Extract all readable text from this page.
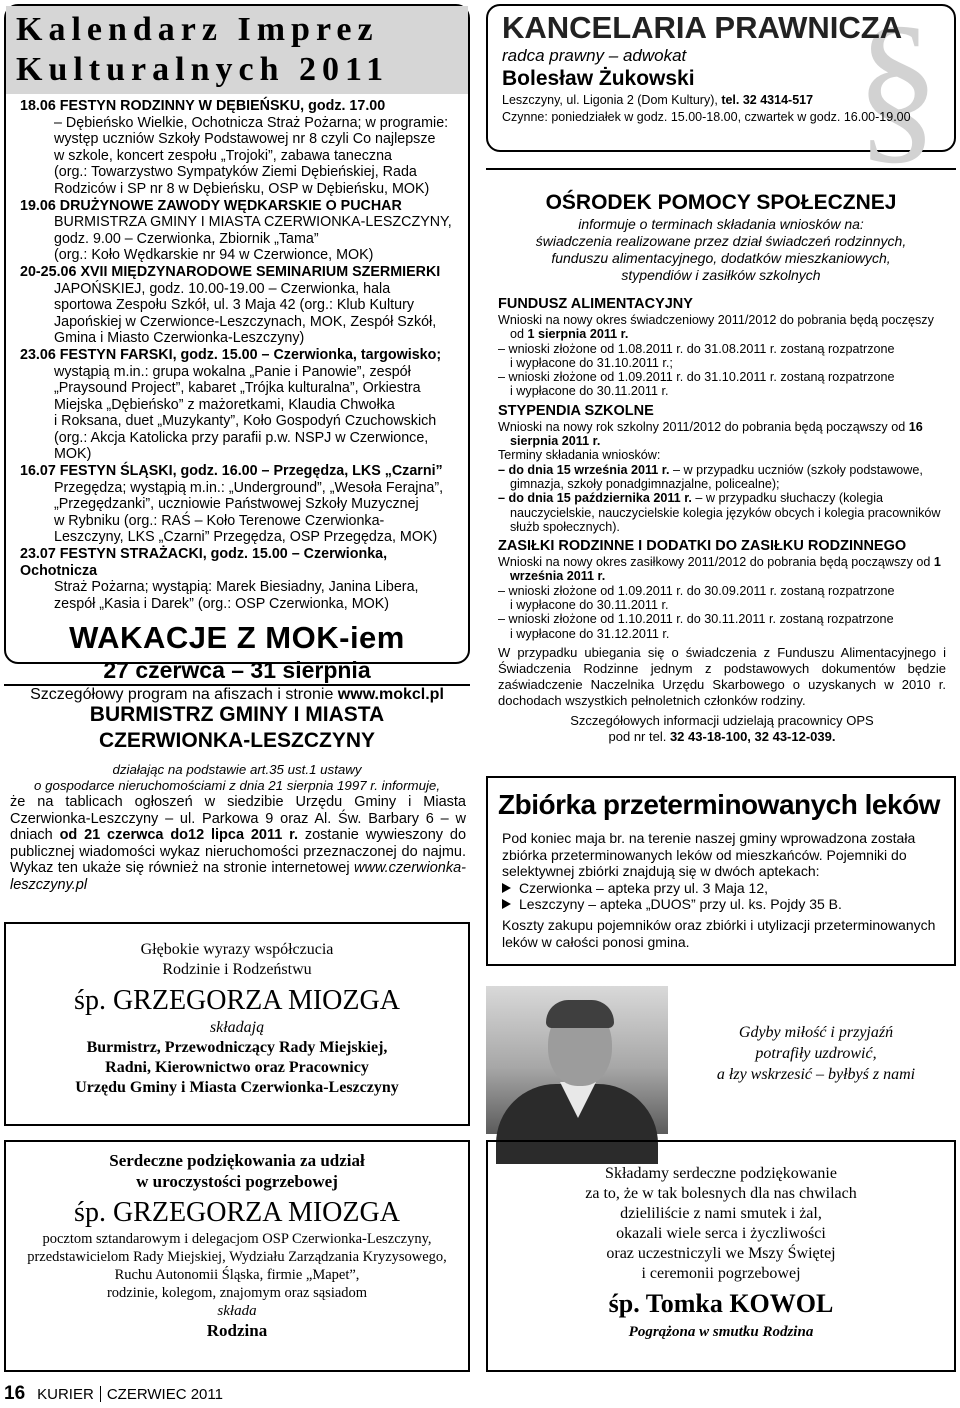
Kalendarz Imprez
Kulturalnych 2011
18.06 FESTYN RODZINNY W DĘBIEŃSKU, godz. 17.00
– Dębieńsko Wielkie, Ochotnicza Straż Pożarna; w programie:
występ uczniów Szkoły Podstawowej nr 8 czyli Co najlepsze
w szkole, koncert zespołu „Trojoki”, zabawa taneczna
(org.: Towarzystwo Sympatyków Ziemi Dębieńskiej, Rada
Rodziców i SP nr 8 w Dębieńsku, OSP w Dębieńsku, MOK)
19.06 DRUŻYNOWE ZAWODY WĘDKARSKIE O PUCHAR
BURMISTRZA GMINY I MIASTA CZERWIONKA-LESZCZYNY,
godz. 9.00 – Czerwionka, Zbiornik „Tama”
(org.: Koło Wędkarskie nr 94 w Czerwionce, MOK)
20-25.06 XVII MIĘDZYNARODOWE SEMINARIUM SZERMIERKI
JAPOŃSKIEJ, godz. 10.00-19.00 – Czerwionka, hala
sportowa Zespołu Szkół, ul. 3 Maja 42 (org.: Klub Kultury
Japońskiej w Czerwionce-Leszczynach, MOK, Zespół Szkół,
Gmina i Miasto Czerwionka-Leszczyny)
23.06 FESTYN FARSKI, godz. 15.00 – Czerwionka, targowisko;
wystąpią m.in.: grupa wokalna „Panie i Panowie”, zespół
„Praysound Project”, kabaret „Trójka kulturalna”, Orkiestra
Miejska „Dębieńsko” z mażoretkami, Klaudia Chwołka
i Roksana, duet „Muzykanty”, Koło Gospodyń Czuchowskich
(org.: Akcja Katolicka przy parafii p.w. NSPJ w Czerwionce, MOK)
16.07 FESTYN ŚLĄSKI, godz. 16.00 – Przegędza, LKS „Czarni”
Przegędza; wystąpią m.in.: „Underground”, „Wesoła Ferajna”,
„Przegędzanki”, uczniowie Państwowej Szkoły Muzycznej
w Rybniku (org.: RAŚ – Koło Terenowe Czerwionka-
Leszczyny, LKS „Czarni” Przegędza, OSP Przegędza, MOK)
23.07 FESTYN STRAŻACKI, godz. 15.00 – Czerwionka, Ochotnicza
Straż Pożarna; wystąpią: Marek Biesiadny, Janina Libera,
zespół „Kasia i Darek” (org.: OSP Czerwionka, MOK)
WAKACJE Z MOK-iem
27 czerwca – 31 sierpnia
Szczegółowy program na afiszach i stronie www.mokcl.pl
BURMISTRZ GMINY I MIASTA
CZERWIONKA-LESZCZYNY
działając na podstawie art.35 ust.1 ustawy
o gospodarce nieruchomościami z dnia 21 sierpnia 1997 r. informuje,
że na tablicach ogłoszeń w siedzibie Urzędu Gminy i Miasta Czerwionka-Leszczyny – ul. Parkowa 9 oraz Al. Św. Barbary 6 – w dniach od 21 czerwca do12 lipca 2011 r. zostanie wywieszony do publicznej wiadomości wykaz nieruchomości przeznaczonej do najmu. Wykaz ten ukaże się również na stronie internetowej www.czerwionka-leszczyny.pl
Głębokie wyrazy współczucia
Rodzinie i Rodzeństwu
śp. GRZEGORZA MIOZGA
składają
Burmistrz, Przewodniczący Rady Miejskiej,
Radni, Kierownictwo oraz Pracownicy
Urzędu Gminy i Miasta Czerwionka-Leszczyny
Serdeczne podziękowania za udział
w uroczystości pogrzebowej
śp. GRZEGORZA MIOZGA
pocztom sztandarowym i delegacjom OSP Czerwionka-Leszczyny,
przedstawicielom Rady Miejskiej, Wydziału Zarządzania Kryzysowego,
Ruchu Autonomii Śląska, firmie „Mapet”,
rodzinie, kolegom, znajomym oraz sąsiadom
składa
Rodzina
16 KURIER CZERWIEC 2011
§
KANCELARIA PRAWNICZA
radca prawny – adwokat
Bolesław Żukowski
Leszczyny, ul. Ligonia 2 (Dom Kultury), tel. 32 4314-517
Czynne: poniedziałek w godz. 15.00-18.00, czwartek w godz. 16.00-19.00
OŚRODEK POMOCY SPOŁECZNEJ
informuje o terminach składania wniosków na:
świadczenia realizowane przez dział świadczeń rodzinnych,
funduszu alimentacyjnego, dodatków mieszkaniowych,
stypendiów i zasiłków szkolnych
FUNDUSZ ALIMENTACYJNY
Wnioski na nowy okres świadczeniowy 2011/2012 do pobrania będą poczęszy od 1 sierpnia 2011 r.
– wnioski złożone od 1.08.2011 r. do 31.08.2011 r. zostaną rozpatrzone
i wypłacone do 31.10.2011 r.;
– wnioski złożone od 1.09.2011 r. do 31.10.2011 r. zostaną rozpatrzone
i wypłacone do 30.11.2011 r.
STYPENDIA SZKOLNE
Wnioski na nowy rok szkolny 2011/2012 do pobrania będą począwszy od 16 sierpnia 2011 r.
Terminy składania wniosków:
– do dnia 15 września 2011 r. – w przypadku uczniów (szkoły podstawowe, gimnazja, szkoły ponadgimnazjalne, policealne);
– do dnia 15 października 2011 r. – w przypadku słuchaczy (kolegia nauczycielskie, nauczycielskie kolegia języków obcych i kolegia pracowników służb społecznych).
ZASIŁKI RODZINNE I DODATKI DO ZASIŁKU RODZINNEGO
Wnioski na nowy okres zasiłkowy 2011/2012 do pobrania będą począwszy od 1 września 2011 r.
– wnioski złożone od 1.09.2011 r. do 30.09.2011 r. zostaną rozpatrzone
i wypłacone do 30.11.2011 r.
– wnioski złożone od 1.10.2011 r. do 30.11.2011 r. zostaną rozpatrzone
i wypłacone do 31.12.2011 r.
W przypadku ubiegania się o świadczenia z Funduszu Alimentacyjnego i Świadczenia Rodzinne jednym z podstawowych dokumentów będzie zaświadczenie Naczelnika Urzędu Skarbowego o uzyskanych w 2010 r. dochodach wszystkich pełnoletnich członków rodziny.
Szczegółowych informacji udzielają pracownicy OPS
pod nr tel. 32 43-18-100, 32 43-12-039.
Zbiórka przeterminowanych leków
Pod koniec maja br. na terenie naszej gminy wprowadzona została zbiórka przeterminowanych leków od mieszkańców. Pojemniki do selektywnej zbiórki znajdują się w dwóch aptekach:
Czerwionka – apteka przy ul. 3 Maja 12,
Leszczyny – apteka „DUOS” przy ul. ks. Pojdy 35 B.
Koszty zakupu pojemników oraz zbiórki i utylizacji przeterminowanych leków w całości ponosi gmina.
Gdyby miłość i przyjaźń
potrafiły uzdrowić,
a łzy wskrzesić – byłbyś z nami
Składamy serdeczne podziękowanie
za to, że w tak bolesnych dla nas chwilach
dzieliliście z nami smutek i żal,
okazali wiele serca i życzliwości
oraz uczestniczyli we Mszy Świętej
i ceremonii pogrzebowej
śp. Tomka KOWOL
Pogrążona w smutku Rodzina
